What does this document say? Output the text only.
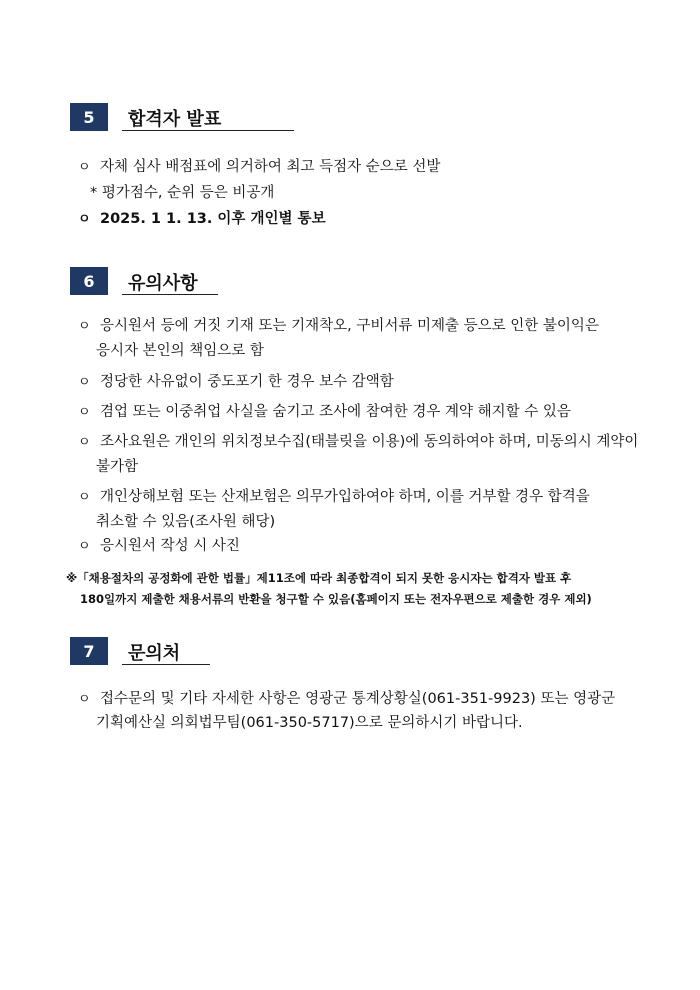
5	합격자 발표
ㅇ 자체 심사 배점표에 의거하여 최고 득점자 순으로 선발
* 평가점수, 순위 등은 비공개
ㅇ 2025. 1 1. 13. 이후 개인별 통보
6	유의사항
ㅇ 응시원서 등에 거짓 기재 또는 기재착오, 구비서류 미제출 등으로 인한 불이익은
응시자 본인의 책임으로 함
ㅇ 정당한 사유없이 중도포기 한 경우 보수 감액함
ㅇ 겸업 또는 이중취업 사실을 숨기고 조사에 참여한 경우 계약 해지할 수 있음
ㅇ 조사요원은 개인의 위치정보수집(태블릿을 이용)에 동의하여야 하며, 미동의시 계약이
불가함
ㅇ 개인상해보험 또는 산재보험은 의무가입하여야 하며, 이를 거부할 경우 합격을
취소할 수 있음(조사원 해당)
ㅇ 응시원서 작성 시 사진
※「채용절차의 공정화에 관한 법률」제11조에 따라 최종합격이 되지 못한 응시자는 합격자 발표 후
180일까지 제출한 채용서류의 반환을 청구할 수 있음(홈페이지 또는 전자우편으로 제출한 경우 제외)
7	문의처
ㅇ 접수문의 및 기타 자세한 사항은 영광군 통계상황실(061-351-9923) 또는 영광군
기획예산실 의회법무팀(061-350-5717)으로 문의하시기 바랍니다.
